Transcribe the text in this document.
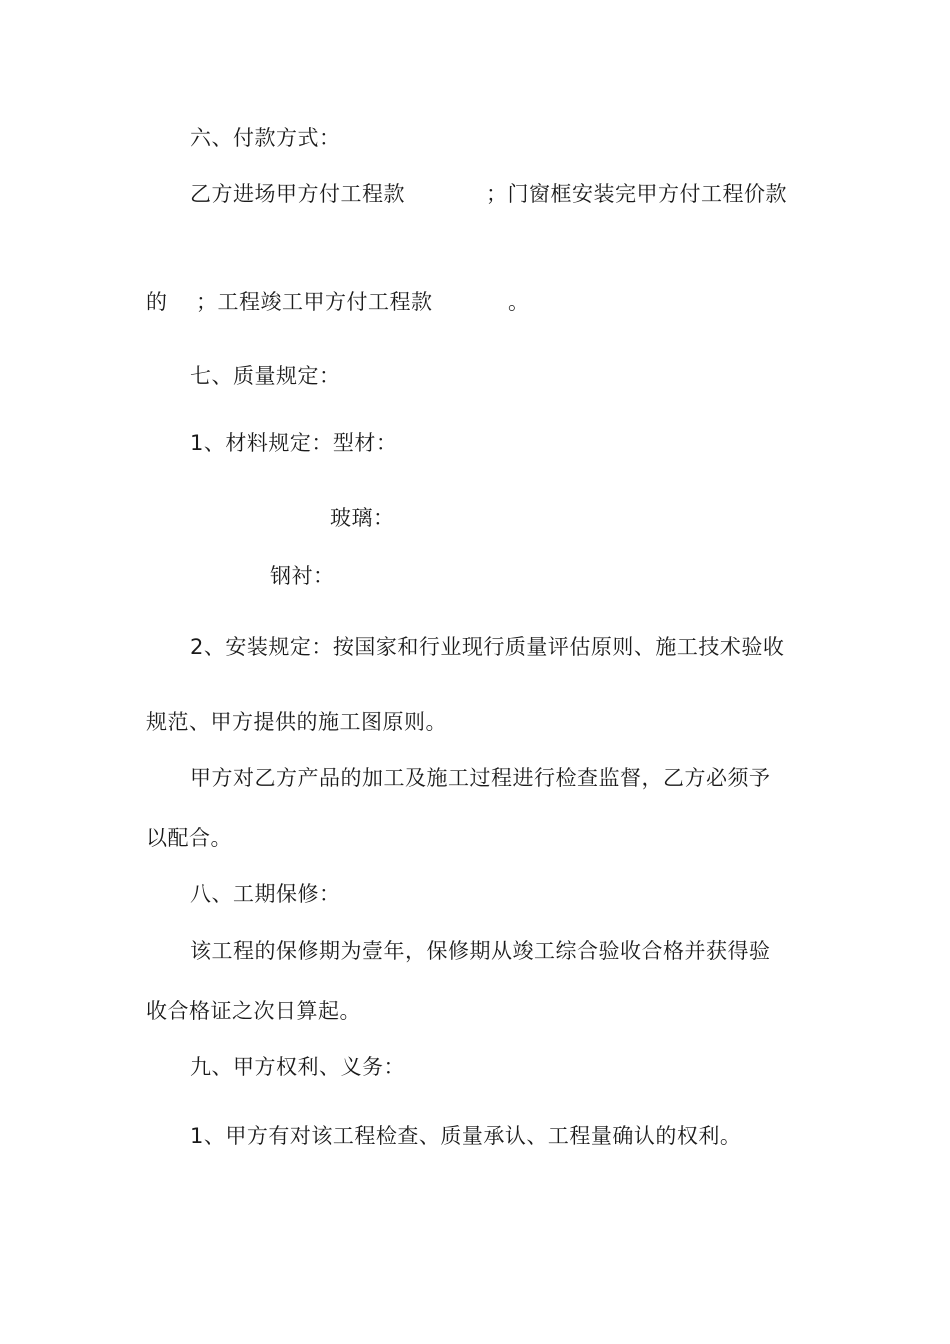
六、付款方式：
乙方进场甲方付工程款	；门窗框安装完甲方付工程价款
的 ；工程竣工甲方付工程款	。
七、质量规定：
1、材料规定：型材：
玻璃：
钢衬：
2、安装规定：按国家和行业现行质量评估原则、施工技术验收
规范、甲方提供的施工图原则。
甲方对乙方产品的加工及施工过程进行检查监督，乙方必须予
以配合。
八、工期保修：
该工程的保修期为壹年，保修期从竣工综合验收合格并获得验
收合格证之次日算起。
九、甲方权利、义务：
1、甲方有对该工程检查、质量承认、工程量确认的权利。
